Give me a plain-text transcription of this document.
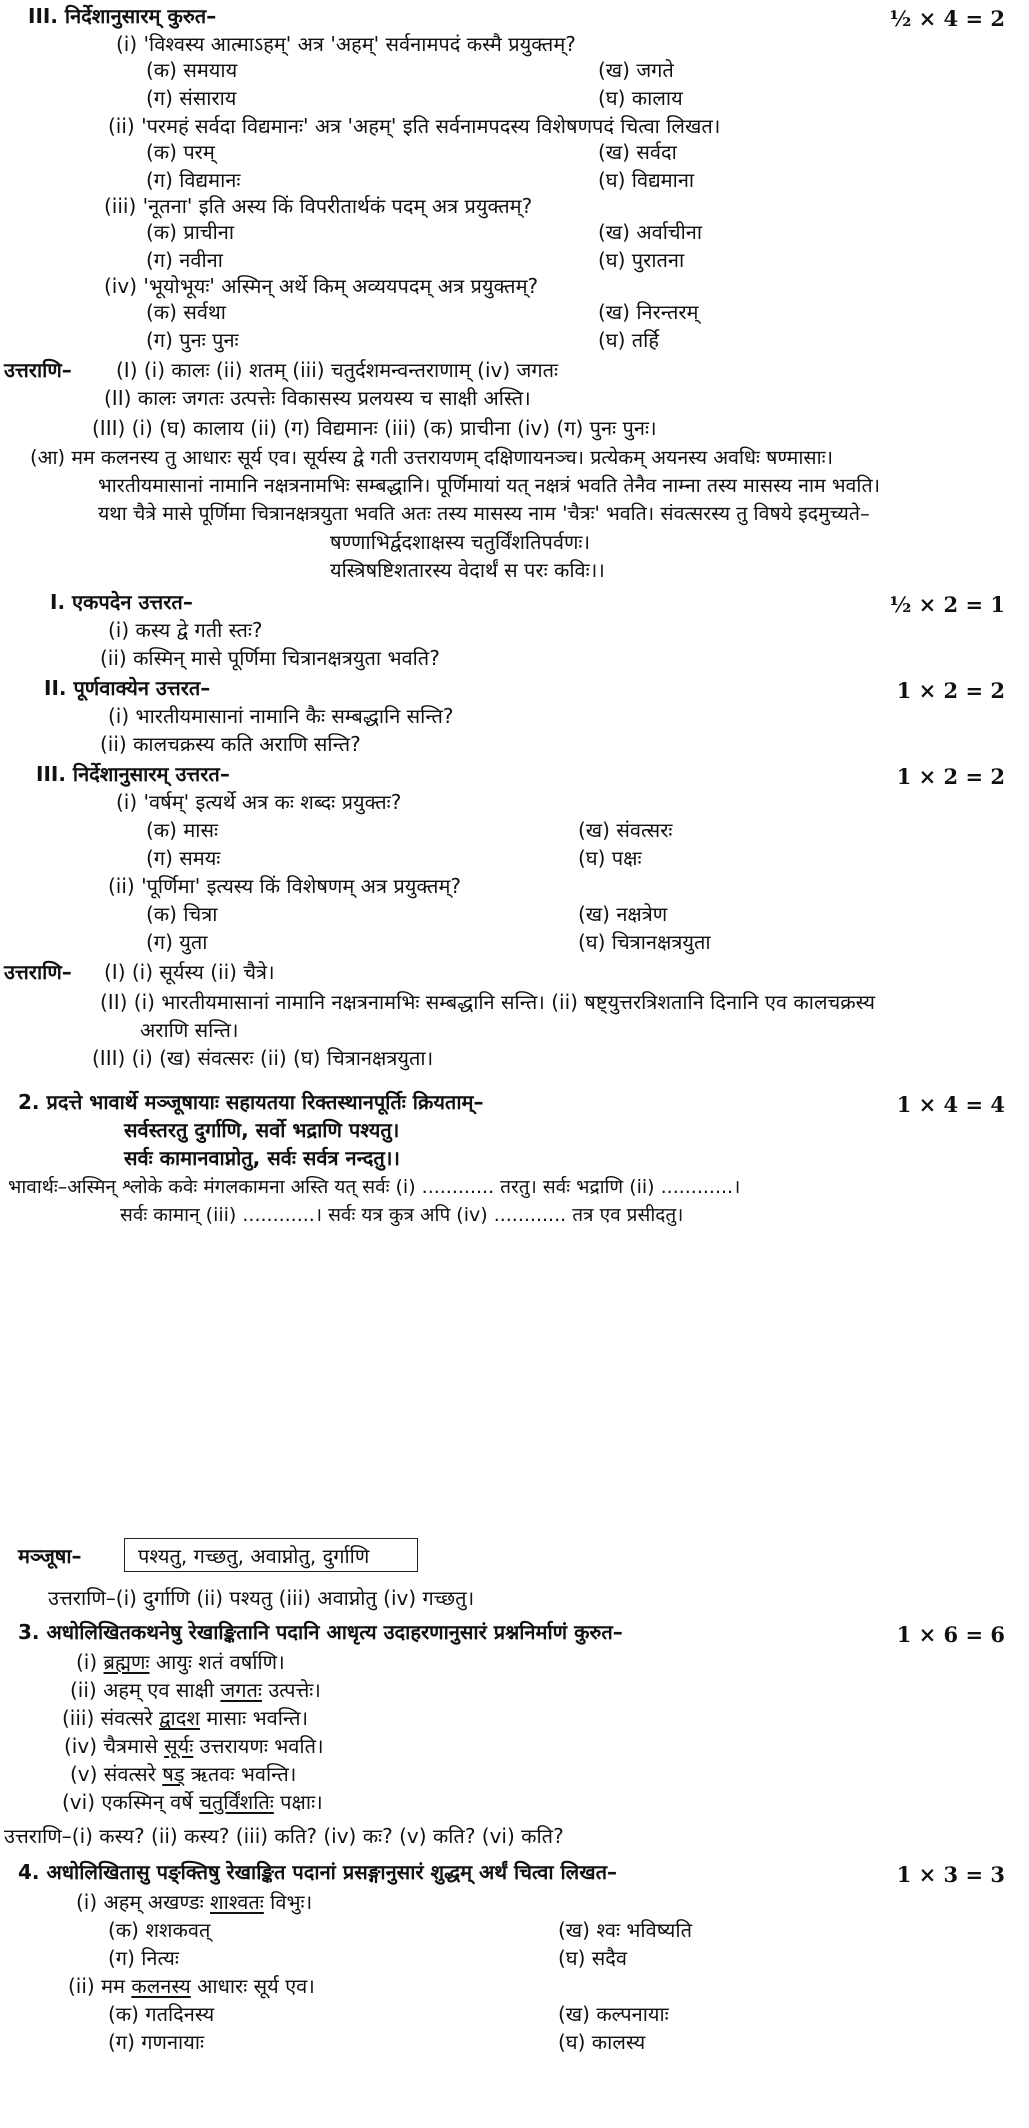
III. निर्देशानुसारम् कुरुत–	½ × 4 = 2
(i) 'विश्वस्य आत्माऽहम्' अत्र 'अहम्' सर्वनामपदं कस्मै प्रयुक्तम्?
(क) समयाय	(ख) जगते
(ग) संसाराय	(घ) कालाय
(ii) 'परमहं सर्वदा विद्यमानः' अत्र 'अहम्' इति सर्वनामपदस्य विशेषणपदं चित्वा लिखत।
(क) परम्	(ख) सर्वदा
(ग) विद्यमानः	(घ) विद्यमाना
(iii) 'नूतना' इति अस्य किं विपरीतार्थकं पदम् अत्र प्रयुक्तम्?
(क) प्राचीना	(ख) अर्वाचीना
(ग) नवीना	(घ) पुरातना
(iv) 'भूयोभूयः' अस्मिन् अर्थे किम् अव्ययपदम् अत्र प्रयुक्तम्?
(क) सर्वथा	(ख) निरन्तरम्
(ग) पुनः पुनः	(घ) तर्हि
उत्तराणि– (I) (i) कालः (ii) शतम् (iii) चतुर्दशमन्वन्तराणाम् (iv) जगतः
(II) कालः जगतः उत्पत्तेः विकासस्य प्रलयस्य च साक्षी अस्ति।
(III) (i) (घ) कालाय (ii) (ग) विद्यमानः (iii) (क) प्राचीना (iv) (ग) पुनः पुनः।
(आ) मम कलनस्य तु आधारः सूर्य एव। सूर्यस्य द्वे गती उत्तरायणम् दक्षिणायनञ्च। प्रत्येकम् अयनस्य अवधिः षण्मासाः।
भारतीयमासानां नामानि नक्षत्रनामभिः सम्बद्धानि। पूर्णिमायां यत् नक्षत्रं भवति तेनैव नाम्ना तस्य मासस्य नाम भवति।
यथा चैत्रे मासे पूर्णिमा चित्रानक्षत्रयुता भवति अतः तस्य मासस्य नाम 'चैत्रः' भवति। संवत्सरस्य तु विषये इदमुच्यते–
षण्णाभिर्द्वदशाक्षस्य चतुर्विंशतिपर्वणः।
यस्त्रिषष्टिशतारस्य वेदार्थं स परः कविः।।
I. एकपदेन उत्तरत–	½ × 2 = 1
(i) कस्य द्वे गती स्तः?
(ii) कस्मिन् मासे पूर्णिमा चित्रानक्षत्रयुता भवति?
II. पूर्णवाक्येन उत्तरत–	1 × 2 = 2
(i) भारतीयमासानां नामानि कैः सम्बद्धानि सन्ति?
(ii) कालचक्रस्य कति अराणि सन्ति?
III. निर्देशानुसारम् उत्तरत–	1 × 2 = 2
(i) 'वर्षम्' इत्यर्थे अत्र कः शब्दः प्रयुक्तः?
(क) मासः	(ख) संवत्सरः
(ग) समयः	(घ) पक्षः
(ii) 'पूर्णिमा' इत्यस्य किं विशेषणम् अत्र प्रयुक्तम्?
(क) चित्रा	(ख) नक्षत्रेण
(ग) युता	(घ) चित्रानक्षत्रयुता
उत्तराणि– (I) (i) सूर्यस्य (ii) चैत्रे।
(II) (i) भारतीयमासानां नामानि नक्षत्रनामभिः सम्बद्धानि सन्ति। (ii) षष्ट्युत्तरत्रिशतानि दिनानि एव कालचक्रस्य
अराणि सन्ति।
(III) (i) (ख) संवत्सरः (ii) (घ) चित्रानक्षत्रयुता।
2. प्रदत्ते भावार्थे मञ्जूषायाः सहायतया रिक्तस्थानपूर्तिः क्रियताम्–	1 × 4 = 4
सर्वस्तरतु दुर्गाणि, सर्वो भद्राणि पश्यतु।
सर्वः कामानवाप्नोतु, सर्वः सर्वत्र नन्दतु।।
भावार्थः–अस्मिन् श्लोके कवेः मंगलकामना अस्ति यत् सर्वः (i) ............ तरतु। सर्वः भद्राणि (ii) ............।
सर्वः कामान् (iii) ............। सर्वः यत्र कुत्र अपि (iv) ............ तत्र एव प्रसीदतु।
मञ्जूषा–	पश्यतु, गच्छतु, अवाप्नोतु, दुर्गाणि
उत्तराणि–(i) दुर्गाणि (ii) पश्यतु (iii) अवाप्नोतु (iv) गच्छतु।
3. अधोलिखितकथनेषु रेखाङ्कितानि पदानि आधृत्य उदाहरणानुसारं प्रश्ननिर्माणं कुरुत–	1 × 6 = 6
(i) ब्रह्मणः आयुः शतं वर्षाणि।
(ii) अहम् एव साक्षी जगतः उत्पत्तेः।
(iii) संवत्सरे द्वादश मासाः भवन्ति।
(iv) चैत्रमासे सूर्यः उत्तरायणः भवति।
(v) संवत्सरे षड् ऋतवः भवन्ति।
(vi) एकस्मिन् वर्षे चतुर्विंशतिः पक्षाः।
उत्तराणि–(i) कस्य? (ii) कस्य? (iii) कति? (iv) कः? (v) कति? (vi) कति?
4. अधोलिखितासु पङ्क्तिषु रेखाङ्कित पदानां प्रसङ्गानुसारं शुद्धम् अर्थं चित्वा लिखत–	1 × 3 = 3
(i) अहम् अखण्डः शाश्वतः विभुः।
(क) शशकवत्	(ख) श्वः भविष्यति
(ग) नित्यः	(घ) सदैव
(ii) मम कलनस्य आधारः सूर्य एव।
(क) गतदिनस्य	(ख) कल्पनायाः
(ग) गणनायाः	(घ) कालस्य
